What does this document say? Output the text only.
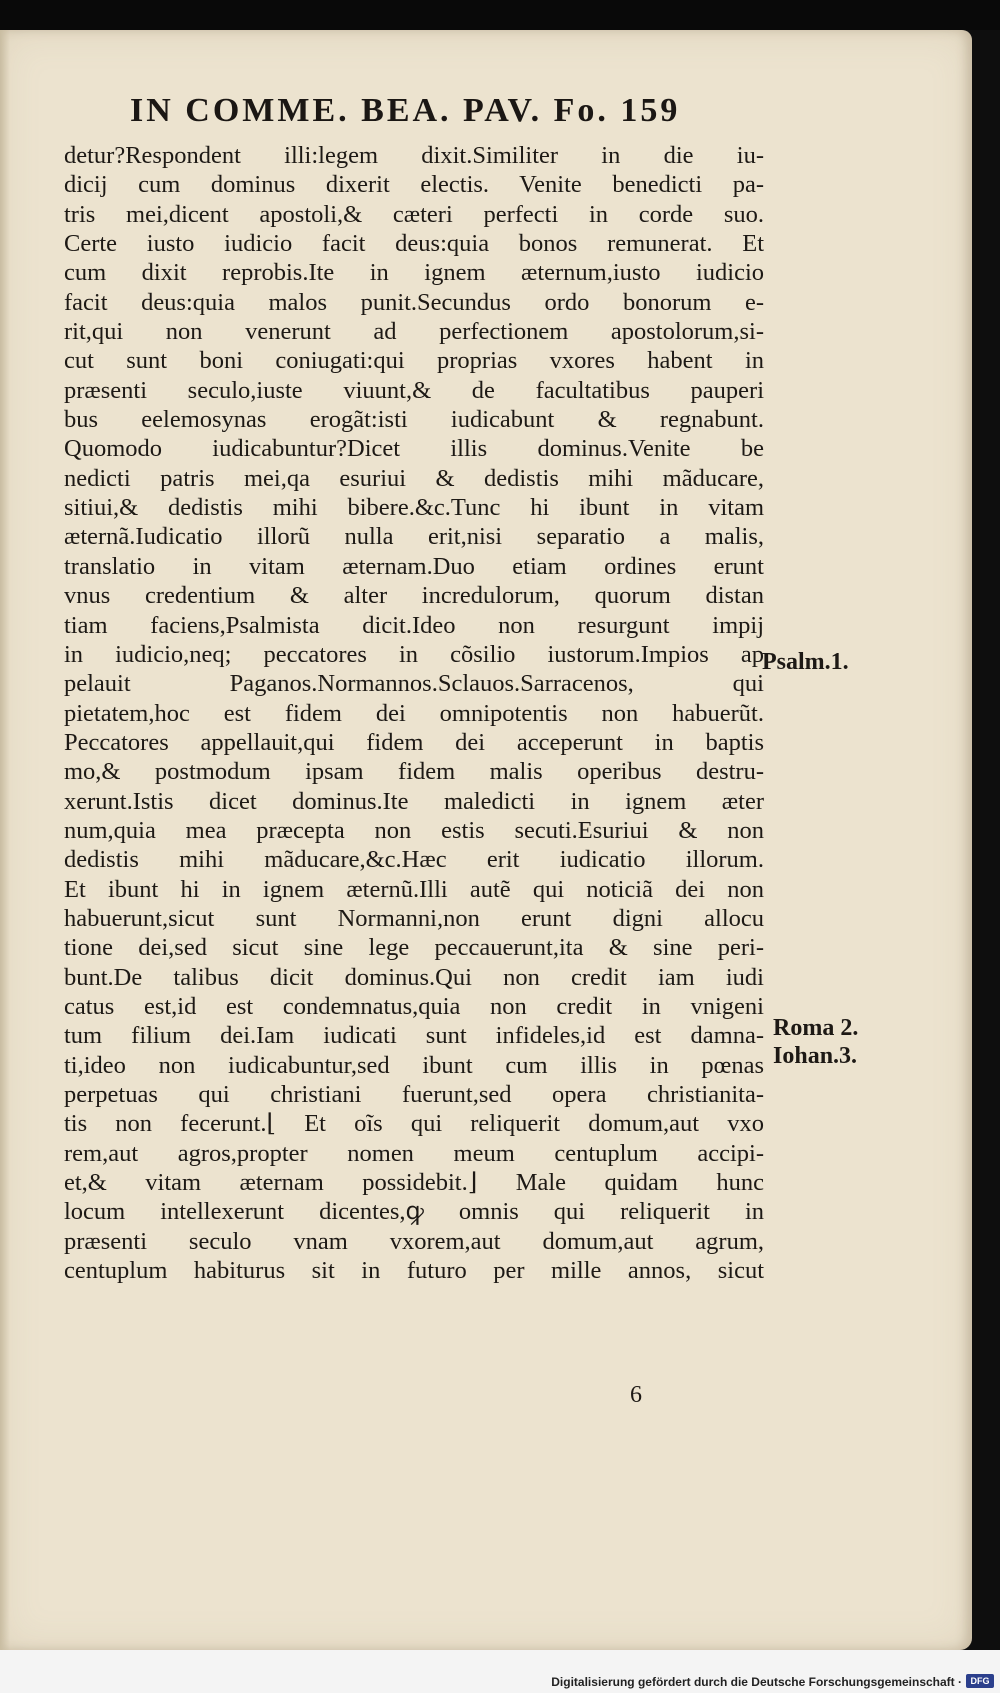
IN COMME. BEA. PAV. Fo. 159
detur?Respondent illi:legem dixit.Similiter in die iu-
dicij cum dominus dixerit electis. Venite benedicti pa-
tris mei,dicent apostoli,& cæteri perfecti in corde suo.
Certe iusto iudicio facit deus:quia bonos remunerat. Et
cum dixit reprobis.Ite in ignem æternum,iusto iudicio
facit deus:quia malos punit.Secundus ordo bonorum e-
rit,qui non venerunt ad perfectionem apostolorum,si-
cut sunt boni coniugati:qui proprias vxores habent in
præsenti seculo,iuste viuunt,& de facultatibus pauperi
bus eelemosynas erogãt:isti iudicabunt & regnabunt.
Quomodo iudicabuntur?Dicet illis dominus.Venite be
nedicti patris mei,qa esuriui & dedistis mihi mãducare,
sitiui,& dedistis mihi bibere.&c.Tunc hi ibunt in vitam
æternã.Iudicatio illorũ nulla erit,nisi separatio a malis,
translatio in vitam æternam.Duo etiam ordines erunt
vnus credentium & alter incredulorum, quorum distan
tiam faciens,Psalmista dicit.Ideo non resurgunt impij
in iudicio,neq; peccatores in cõsilio iustorum.Impios ap
pelauit Paganos.Normannos.Sclauos.Sarracenos, qui
pietatem,hoc est fidem dei omnipotentis non habuerũt.
Peccatores appellauit,qui fidem dei acceperunt in baptis
mo,& postmodum ipsam fidem malis operibus destru-
xerunt.Istis dicet dominus.Ite maledicti in ignem æter
num,quia mea præcepta non estis secuti.Esuriui & non
dedistis mihi mãducare,&c.Hæc erit iudicatio illorum.
Et ibunt hi in ignem æternũ.Illi autẽ qui noticiã dei non
habuerunt,sicut sunt Normanni,non erunt digni allocu
tione dei,sed sicut sine lege peccauerunt,ita & sine peri-
bunt.De talibus dicit dominus.Qui non credit iam iudi
catus est,id est condemnatus,quia non credit in vnigeni
tum filium dei.Iam iudicati sunt infideles,id est damna-
ti,ideo non iudicabuntur,sed ibunt cum illis in pœnas
perpetuas qui christiani fuerunt,sed opera christianita-
tis non fecerunt.⌊ Et oĩs qui reliquerit domum,aut vxo
rem,aut agros,propter nomen meum centuplum accipi-
et,& vitam æternam possidebit.⌋ Male quidam hunc
locum intellexerunt dicentes,ꝙ omnis qui reliquerit in
præsenti seculo vnam vxorem,aut domum,aut agrum,
centuplum habiturus sit in futuro per mille annos, sicut
Psalm.1.
Roma 2.
Iohan.3.
6
Digitalisierung gefördert durch die Deutsche Forschungsgemeinschaft · DFG
